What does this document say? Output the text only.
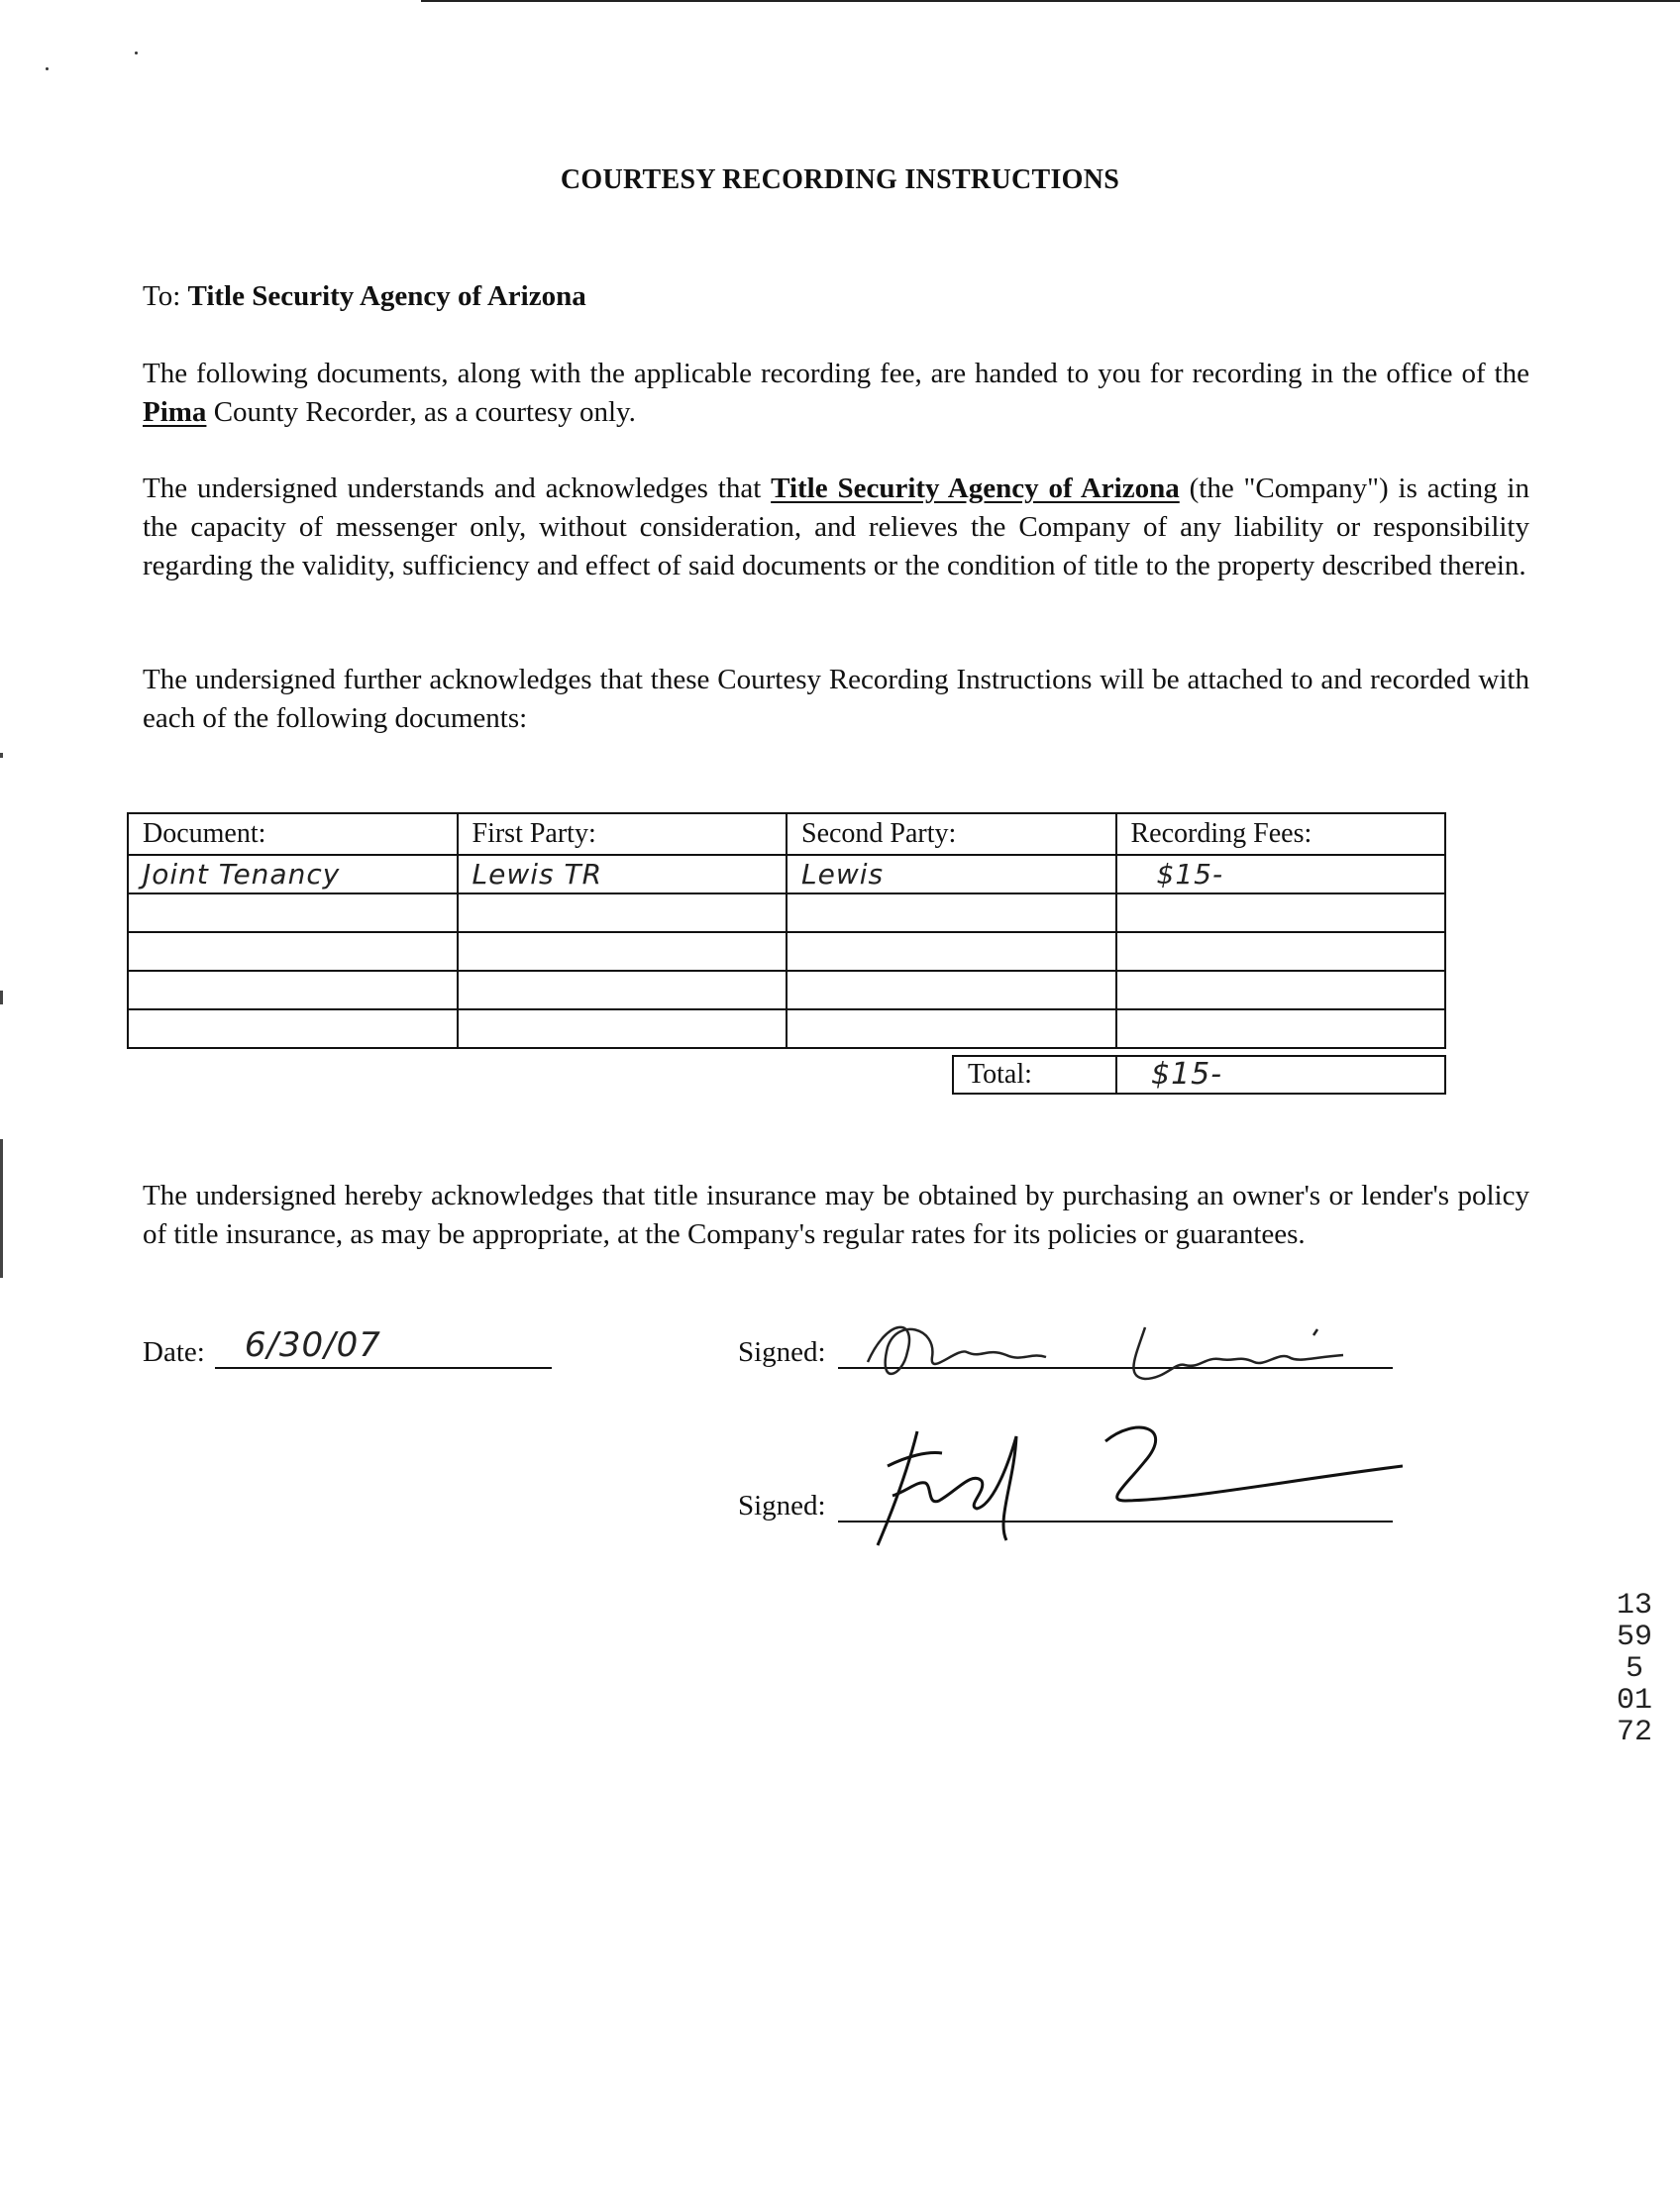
COURTESY RECORDING INSTRUCTIONS
To: Title Security Agency of Arizona
The following documents, along with the applicable recording fee, are handed to you for recording in the office of the Pima County Recorder, as a courtesy only.
The undersigned understands and acknowledges that Title Security Agency of Arizona (the "Company") is acting in the capacity of messenger only, without consideration, and relieves the Company of any liability or responsibility regarding the validity, sufficiency and effect of said documents or the condition of title to the property described therein.
The undersigned further acknowledges that these Courtesy Recording Instructions will be attached to and recorded with each of the following documents:
Document:	First Party:	Second Party:	Recording Fees:
Joint Tenancy	Lewis TR	Lewis	$15-

Total:	$15-
The undersigned hereby acknowledges that title insurance may be obtained by purchasing an owner's or lender's policy of title insurance, as may be appropriate, at the Company's regular rates for its policies or guarantees.
Date: 6/30/07	Signed:
Signed:
13595 0172
